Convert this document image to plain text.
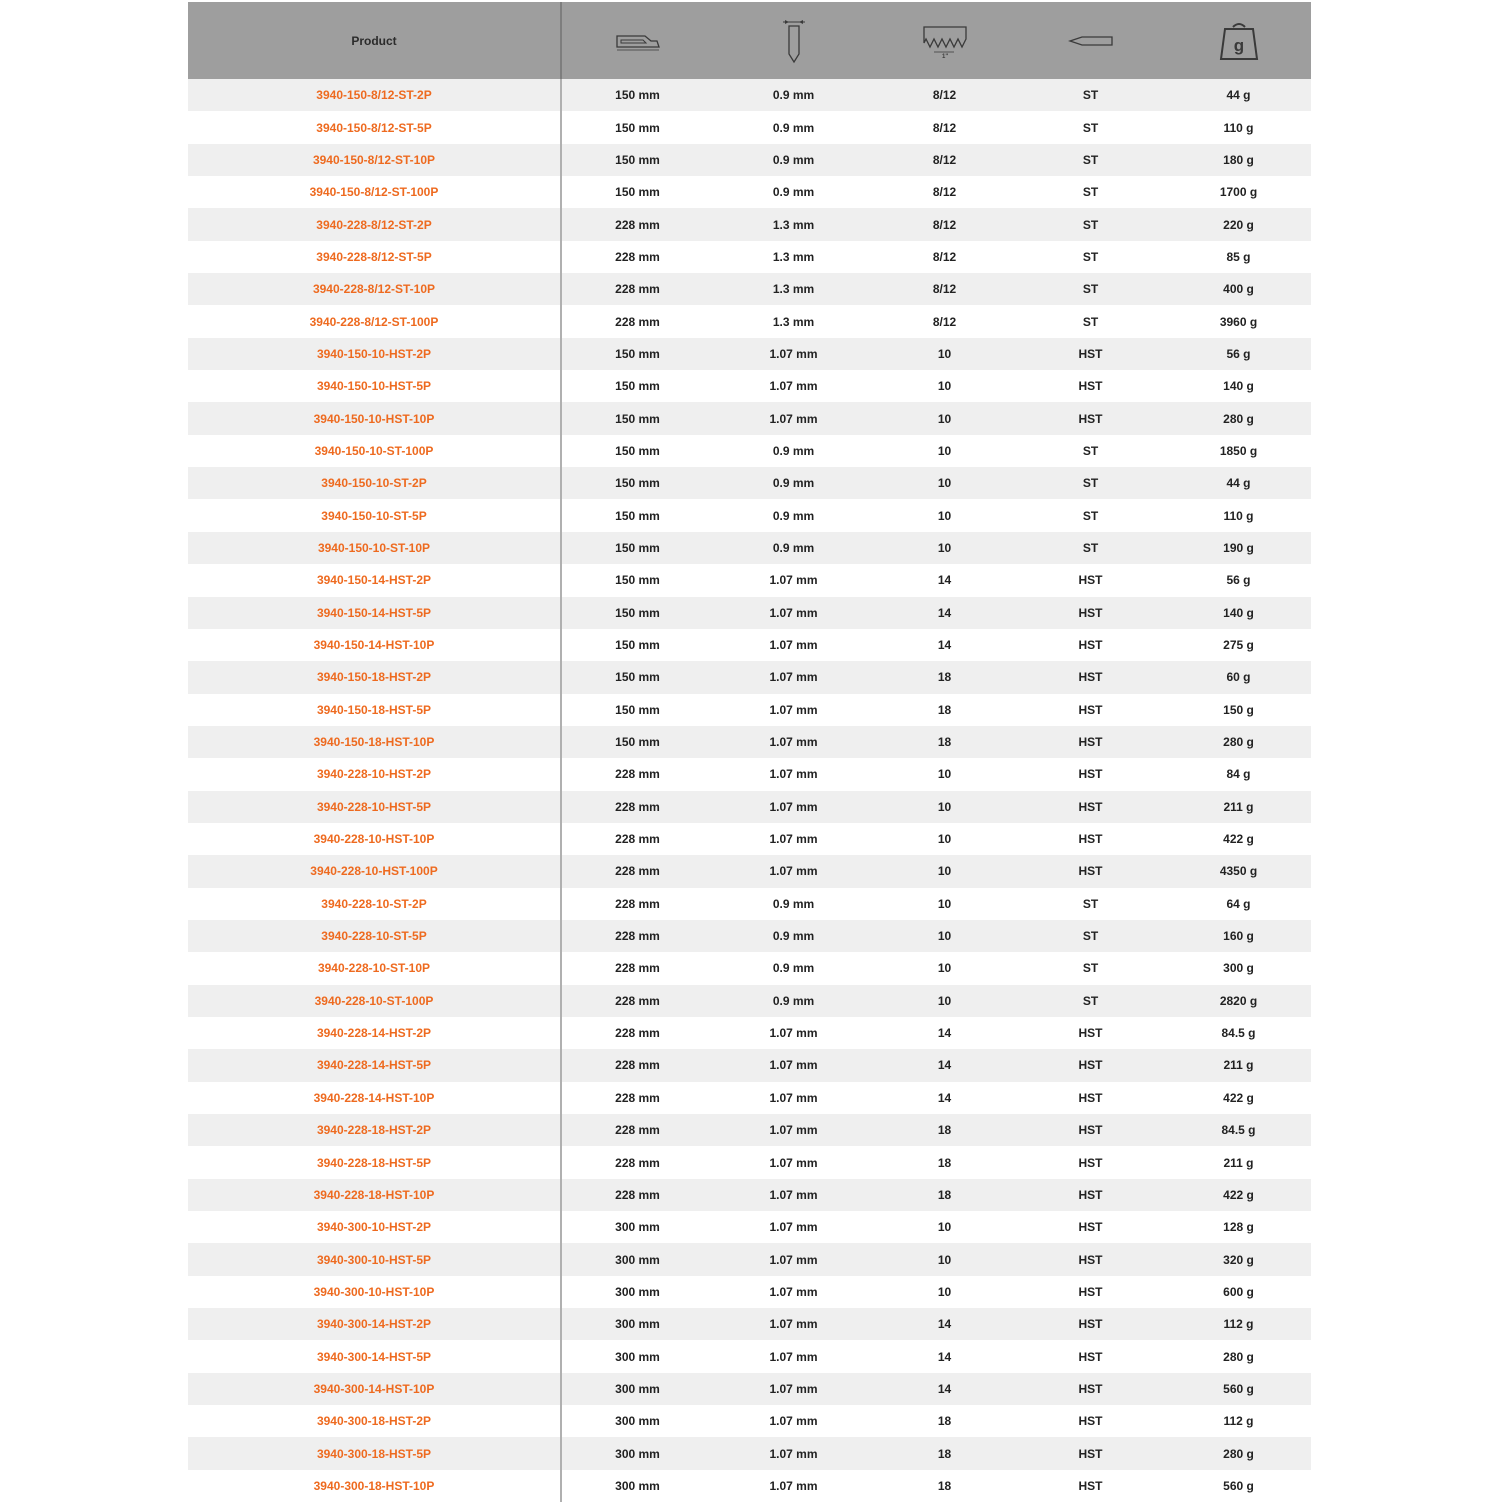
Product
1"
g
3940-150-8/12-ST-2P	150 mm	0.9 mm	8/12	ST	44 g
3940-150-8/12-ST-5P	150 mm	0.9 mm	8/12	ST	110 g
3940-150-8/12-ST-10P	150 mm	0.9 mm	8/12	ST	180 g
3940-150-8/12-ST-100P	150 mm	0.9 mm	8/12	ST	1700 g
3940-228-8/12-ST-2P	228 mm	1.3 mm	8/12	ST	220 g
3940-228-8/12-ST-5P	228 mm	1.3 mm	8/12	ST	85 g
3940-228-8/12-ST-10P	228 mm	1.3 mm	8/12	ST	400 g
3940-228-8/12-ST-100P	228 mm	1.3 mm	8/12	ST	3960 g
3940-150-10-HST-2P	150 mm	1.07 mm	10	HST	56 g
3940-150-10-HST-5P	150 mm	1.07 mm	10	HST	140 g
3940-150-10-HST-10P	150 mm	1.07 mm	10	HST	280 g
3940-150-10-ST-100P	150 mm	0.9 mm	10	ST	1850 g
3940-150-10-ST-2P	150 mm	0.9 mm	10	ST	44 g
3940-150-10-ST-5P	150 mm	0.9 mm	10	ST	110 g
3940-150-10-ST-10P	150 mm	0.9 mm	10	ST	190 g
3940-150-14-HST-2P	150 mm	1.07 mm	14	HST	56 g
3940-150-14-HST-5P	150 mm	1.07 mm	14	HST	140 g
3940-150-14-HST-10P	150 mm	1.07 mm	14	HST	275 g
3940-150-18-HST-2P	150 mm	1.07 mm	18	HST	60 g
3940-150-18-HST-5P	150 mm	1.07 mm	18	HST	150 g
3940-150-18-HST-10P	150 mm	1.07 mm	18	HST	280 g
3940-228-10-HST-2P	228 mm	1.07 mm	10	HST	84 g
3940-228-10-HST-5P	228 mm	1.07 mm	10	HST	211 g
3940-228-10-HST-10P	228 mm	1.07 mm	10	HST	422 g
3940-228-10-HST-100P	228 mm	1.07 mm	10	HST	4350 g
3940-228-10-ST-2P	228 mm	0.9 mm	10	ST	64 g
3940-228-10-ST-5P	228 mm	0.9 mm	10	ST	160 g
3940-228-10-ST-10P	228 mm	0.9 mm	10	ST	300 g
3940-228-10-ST-100P	228 mm	0.9 mm	10	ST	2820 g
3940-228-14-HST-2P	228 mm	1.07 mm	14	HST	84.5 g
3940-228-14-HST-5P	228 mm	1.07 mm	14	HST	211 g
3940-228-14-HST-10P	228 mm	1.07 mm	14	HST	422 g
3940-228-18-HST-2P	228 mm	1.07 mm	18	HST	84.5 g
3940-228-18-HST-5P	228 mm	1.07 mm	18	HST	211 g
3940-228-18-HST-10P	228 mm	1.07 mm	18	HST	422 g
3940-300-10-HST-2P	300 mm	1.07 mm	10	HST	128 g
3940-300-10-HST-5P	300 mm	1.07 mm	10	HST	320 g
3940-300-10-HST-10P	300 mm	1.07 mm	10	HST	600 g
3940-300-14-HST-2P	300 mm	1.07 mm	14	HST	112 g
3940-300-14-HST-5P	300 mm	1.07 mm	14	HST	280 g
3940-300-14-HST-10P	300 mm	1.07 mm	14	HST	560 g
3940-300-18-HST-2P	300 mm	1.07 mm	18	HST	112 g
3940-300-18-HST-5P	300 mm	1.07 mm	18	HST	280 g
3940-300-18-HST-10P	300 mm	1.07 mm	18	HST	560 g
